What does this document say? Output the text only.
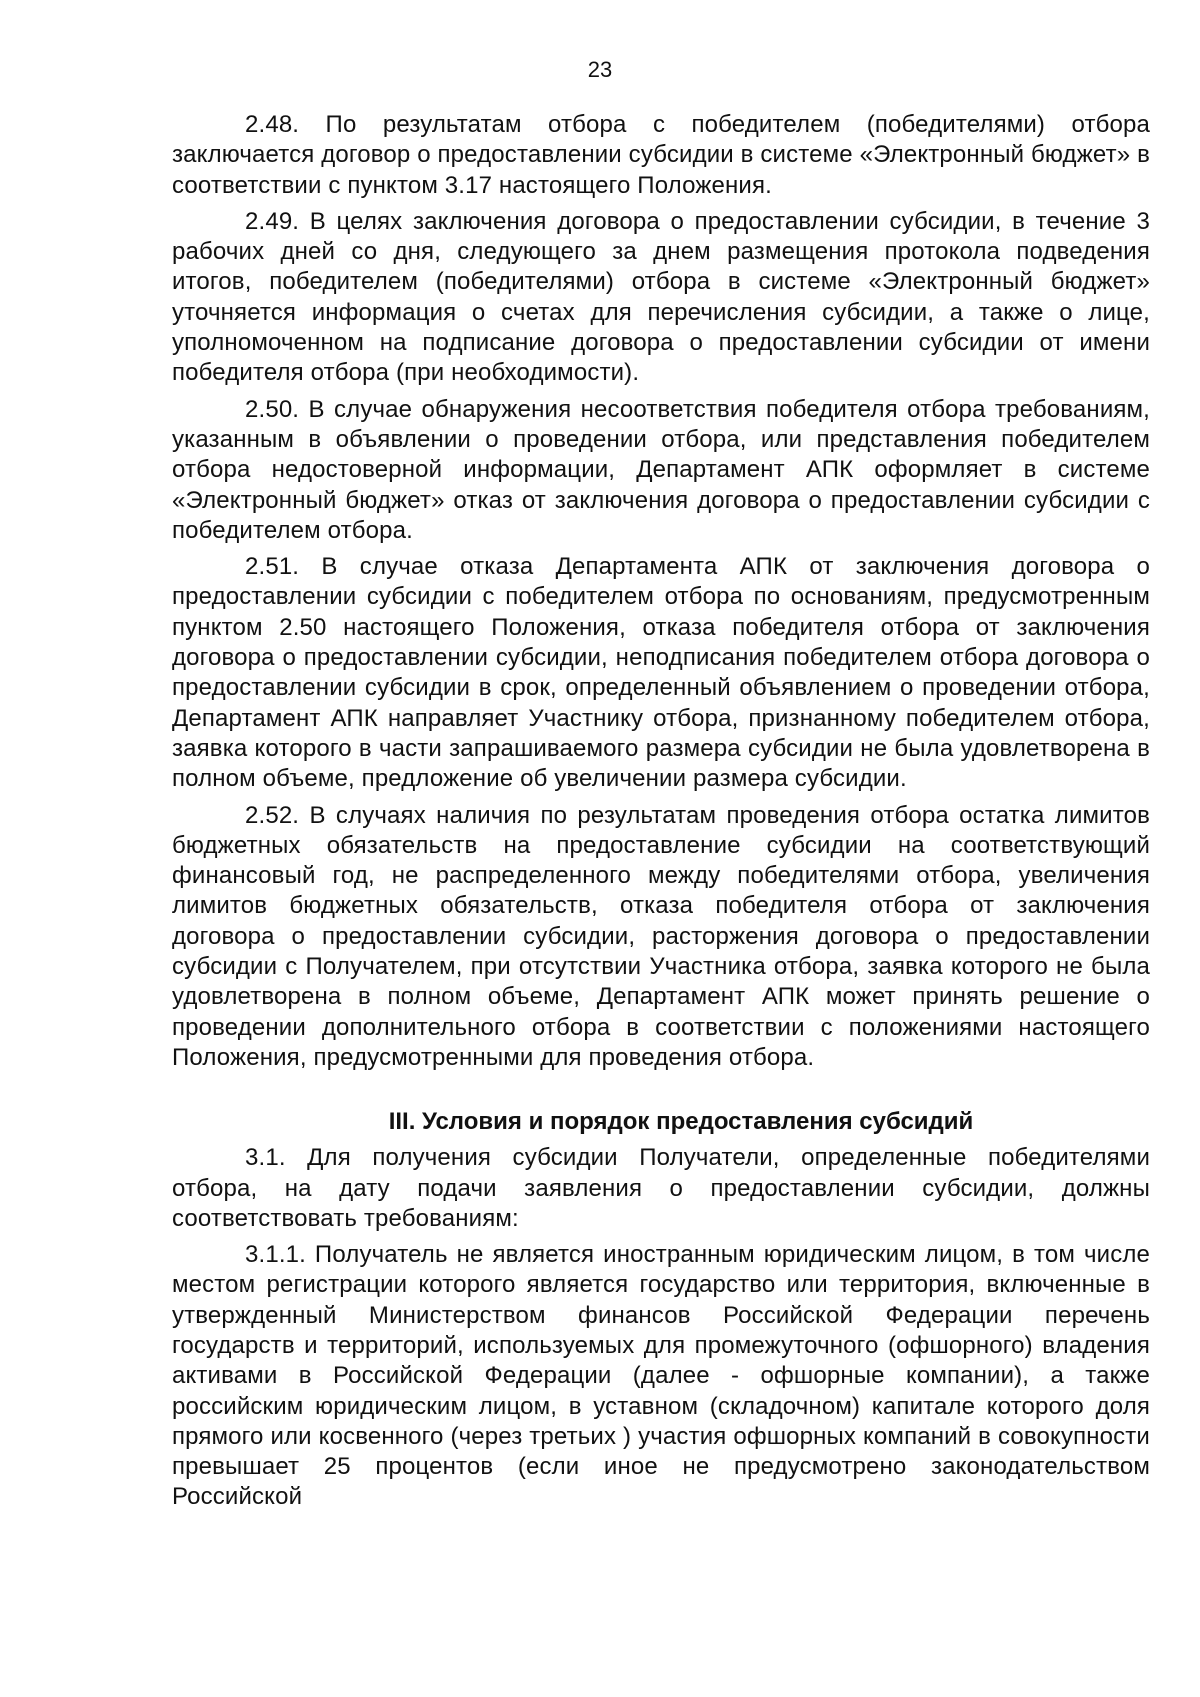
23

2.48. По результатам отбора с победителем (победителями) отбора заключается договор о предоставлении субсидии в системе «Электронный бюджет» в соответствии с пунктом 3.17 настоящего Положения.

2.49. В целях заключения договора о предоставлении субсидии, в течение 3 рабочих дней со дня, следующего за днем размещения протокола подведения итогов, победителем (победителями) отбора в системе «Электронный бюджет» уточняется информация о счетах для перечисления субсидии, а также о лице, уполномоченном на подписание договора о предоставлении субсидии от имени победителя отбора (при необходимости).

2.50. В случае обнаружения несоответствия победителя отбора требованиям, указанным в объявлении о проведении отбора, или представления победителем отбора недостоверной информации, Департамент АПК оформляет в системе «Электронный бюджет» отказ от заключения договора о предоставлении субсидии с победителем отбора.

2.51. В случае отказа Департамента АПК от заключения договора о предоставлении субсидии с победителем отбора по основаниям, предусмотренным пунктом 2.50 настоящего Положения, отказа победителя отбора от заключения договора о предоставлении субсидии, неподписания победителем отбора договора о предоставлении субсидии в срок, определенный объявлением о проведении отбора, Департамент АПК направляет Участнику отбора, признанному победителем отбора, заявка которого в части запрашиваемого размера субсидии не была удовлетворена в полном объеме, предложение об увеличении размера субсидии.

2.52. В случаях наличия по результатам проведения отбора остатка лимитов бюджетных обязательств на предоставление субсидии на соответствующий финансовый год, не распределенного между победителями отбора, увеличения лимитов бюджетных обязательств, отказа победителя отбора от заключения договора о предоставлении субсидии, расторжения договора о предоставлении субсидии с Получателем, при отсутствии Участника отбора, заявка которого не была удовлетворена в полном объеме, Департамент АПК может принять решение о проведении дополнительного отбора в соответствии с положениями настоящего Положения, предусмотренными для проведения отбора.

III. Условия и порядок предоставления субсидий

3.1. Для получения субсидии Получатели, определенные победителями отбора, на дату подачи заявления о предоставлении субсидии, должны соответствовать требованиям:

3.1.1. Получатель не является иностранным юридическим лицом, в том числе местом регистрации которого является государство или территория, включенные в утвержденный Министерством финансов Российской Федерации перечень государств и территорий, используемых для промежуточного (офшорного) владения активами в Российской Федерации (далее - офшорные компании), а также российским юридическим лицом, в уставном (складочном) капитале которого доля прямого или косвенного (через третьих ) участия офшорных компаний в совокупности превышает 25 процентов (если иное не предусмотрено законодательством Российской
